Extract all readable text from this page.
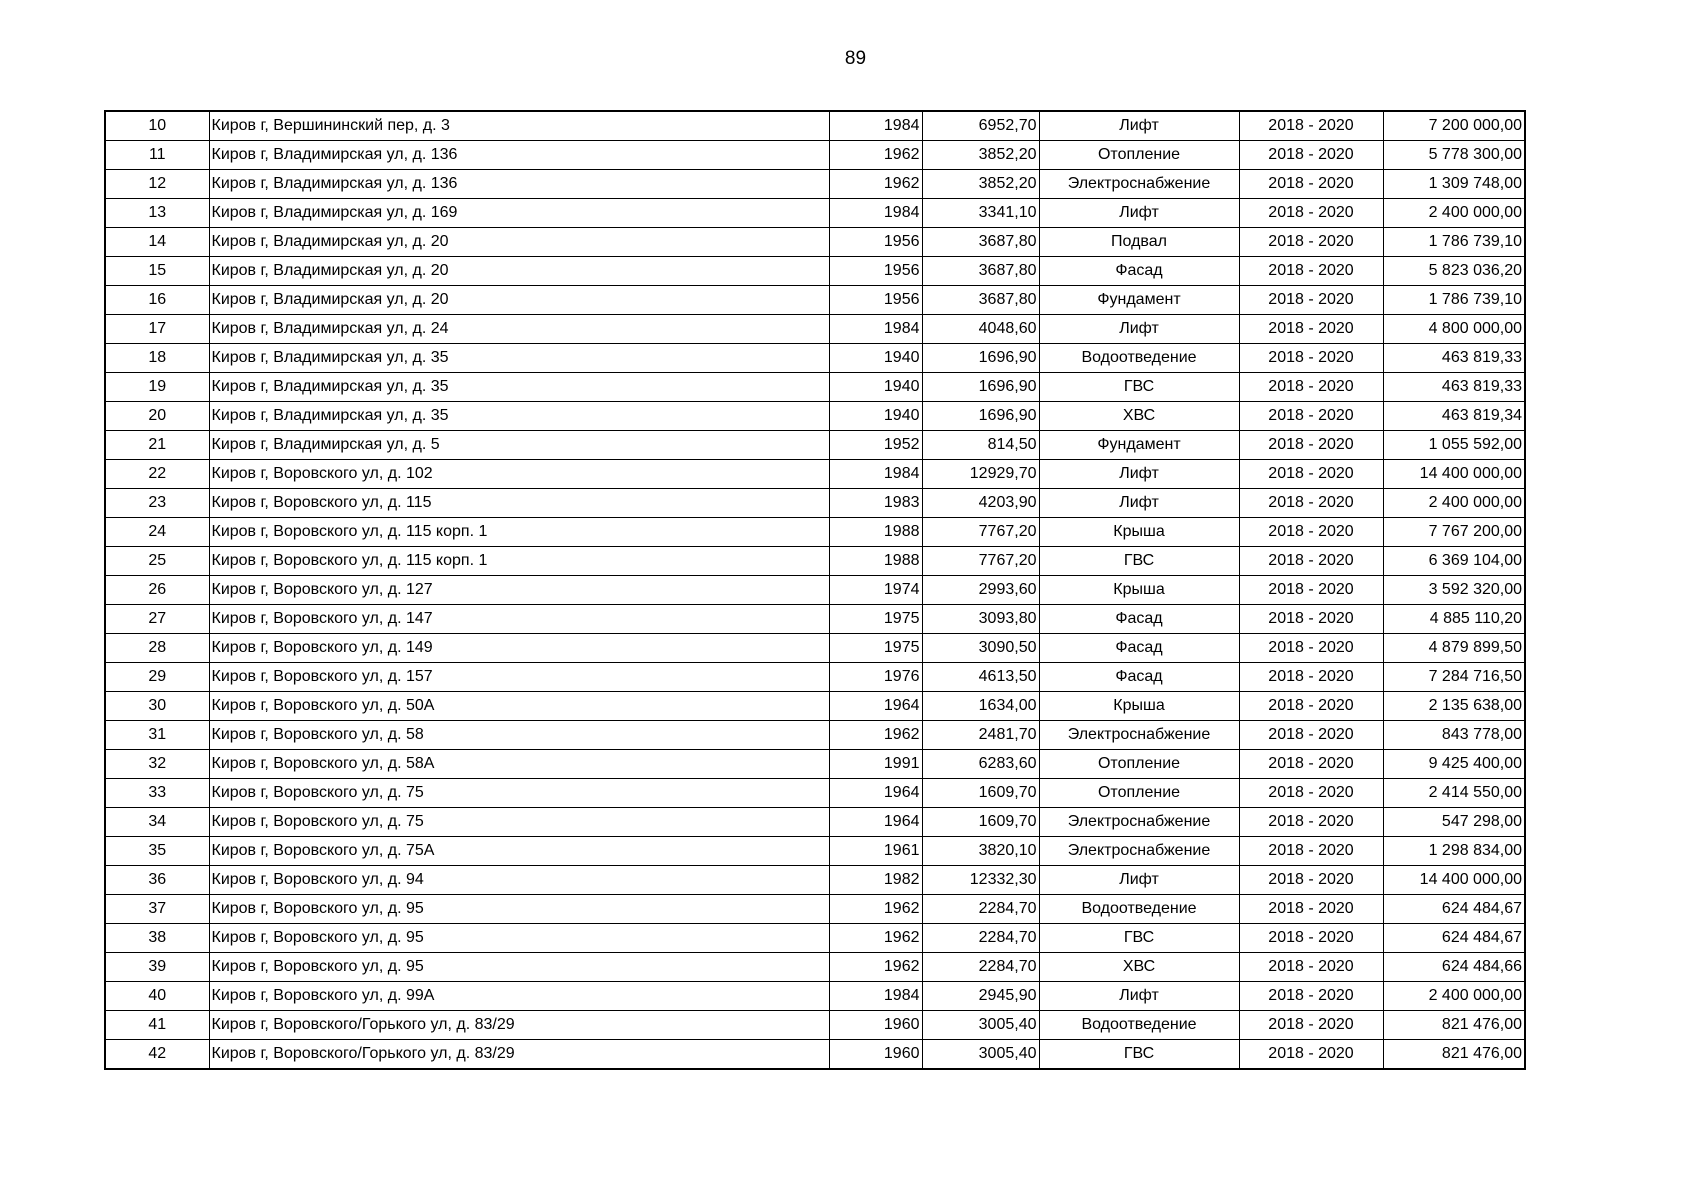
89
10	Киров г, Вершининский пер, д. 3	1984	6952,70	Лифт	2018 - 2020	7 200 000,00
11	Киров г, Владимирская ул, д. 136	1962	3852,20	Отопление	2018 - 2020	5 778 300,00
12	Киров г, Владимирская ул, д. 136	1962	3852,20	Электроснабжение	2018 - 2020	1 309 748,00
13	Киров г, Владимирская ул, д. 169	1984	3341,10	Лифт	2018 - 2020	2 400 000,00
14	Киров г, Владимирская ул, д. 20	1956	3687,80	Подвал	2018 - 2020	1 786 739,10
15	Киров г, Владимирская ул, д. 20	1956	3687,80	Фасад	2018 - 2020	5 823 036,20
16	Киров г, Владимирская ул, д. 20	1956	3687,80	Фундамент	2018 - 2020	1 786 739,10
17	Киров г, Владимирская ул, д. 24	1984	4048,60	Лифт	2018 - 2020	4 800 000,00
18	Киров г, Владимирская ул, д. 35	1940	1696,90	Водоотведение	2018 - 2020	463 819,33
19	Киров г, Владимирская ул, д. 35	1940	1696,90	ГВС	2018 - 2020	463 819,33
20	Киров г, Владимирская ул, д. 35	1940	1696,90	ХВС	2018 - 2020	463 819,34
21	Киров г, Владимирская ул, д. 5	1952	814,50	Фундамент	2018 - 2020	1 055 592,00
22	Киров г, Воровского ул, д. 102	1984	12929,70	Лифт	2018 - 2020	14 400 000,00
23	Киров г, Воровского ул, д. 115	1983	4203,90	Лифт	2018 - 2020	2 400 000,00
24	Киров г, Воровского ул, д. 115 корп. 1	1988	7767,20	Крыша	2018 - 2020	7 767 200,00
25	Киров г, Воровского ул, д. 115 корп. 1	1988	7767,20	ГВС	2018 - 2020	6 369 104,00
26	Киров г, Воровского ул, д. 127	1974	2993,60	Крыша	2018 - 2020	3 592 320,00
27	Киров г, Воровского ул, д. 147	1975	3093,80	Фасад	2018 - 2020	4 885 110,20
28	Киров г, Воровского ул, д. 149	1975	3090,50	Фасад	2018 - 2020	4 879 899,50
29	Киров г, Воровского ул, д. 157	1976	4613,50	Фасад	2018 - 2020	7 284 716,50
30	Киров г, Воровского ул, д. 50А	1964	1634,00	Крыша	2018 - 2020	2 135 638,00
31	Киров г, Воровского ул, д. 58	1962	2481,70	Электроснабжение	2018 - 2020	843 778,00
32	Киров г, Воровского ул, д. 58А	1991	6283,60	Отопление	2018 - 2020	9 425 400,00
33	Киров г, Воровского ул, д. 75	1964	1609,70	Отопление	2018 - 2020	2 414 550,00
34	Киров г, Воровского ул, д. 75	1964	1609,70	Электроснабжение	2018 - 2020	547 298,00
35	Киров г, Воровского ул, д. 75А	1961	3820,10	Электроснабжение	2018 - 2020	1 298 834,00
36	Киров г, Воровского ул, д. 94	1982	12332,30	Лифт	2018 - 2020	14 400 000,00
37	Киров г, Воровского ул, д. 95	1962	2284,70	Водоотведение	2018 - 2020	624 484,67
38	Киров г, Воровского ул, д. 95	1962	2284,70	ГВС	2018 - 2020	624 484,67
39	Киров г, Воровского ул, д. 95	1962	2284,70	ХВС	2018 - 2020	624 484,66
40	Киров г, Воровского ул, д. 99А	1984	2945,90	Лифт	2018 - 2020	2 400 000,00
41	Киров г, Воровского/Горького ул, д. 83/29	1960	3005,40	Водоотведение	2018 - 2020	821 476,00
42	Киров г, Воровского/Горького ул, д. 83/29	1960	3005,40	ГВС	2018 - 2020	821 476,00
